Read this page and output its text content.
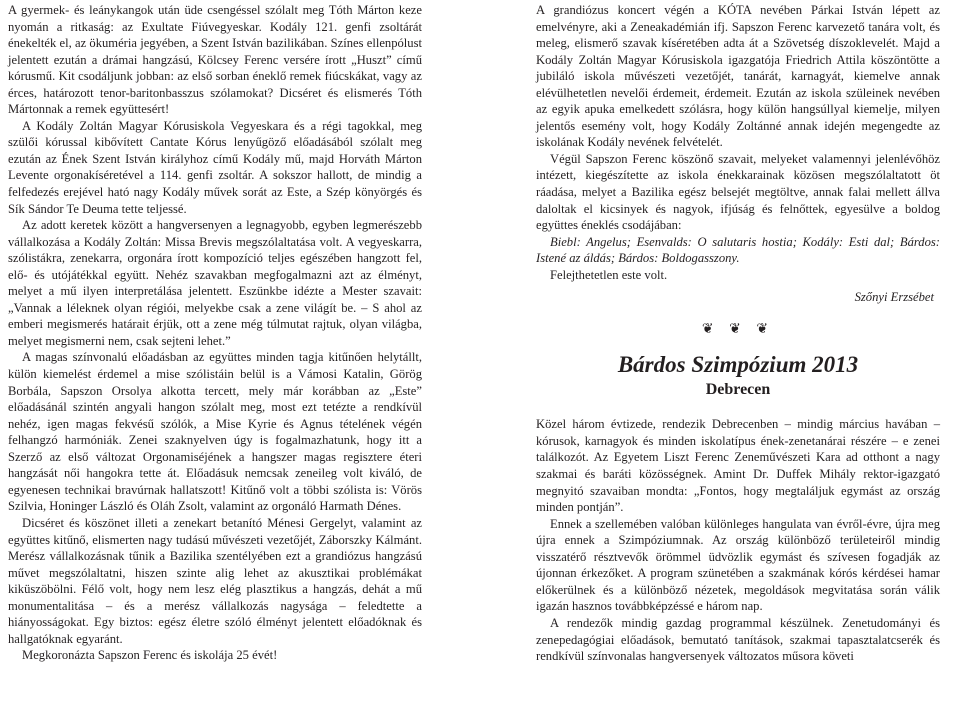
A gyermek- és leánykangok után üde csengéssel szólalt meg Tóth Márton keze nyomán a ritkaság: az Exultate Fiúvegyeskar. Kodály 121. genfi zsoltárát énekelték el, az ökuméria jegyében, a Szent István bazilikában. Színes ellenpólust jelentett ezután a drámai hangzású, Kölcsey Ferenc versére írott „Huszt” című kórusmű. Kit csodáljunk jobban: az első sorban éneklő remek fiúcskákat, vagy az érces, határozott tenor-baritonbasszus szólamokat? Dicséret és elismerés Tóth Mártonnak a remek együttesért!

A Kodály Zoltán Magyar Kórusiskola Vegyeskara és a régi tagokkal, meg szülői kórussal kibővített Cantate Kórus lenyűgöző előadásából szólalt meg ezután az Ének Szent István királyhoz című Kodály mű, majd Horváth Márton Levente orgonakíséretével a 114. genfi zsoltár. A sokszor hallott, de mindig a felfedezés erejével ható nagy Kodály művek sorát az Este, a Szép könyörgés és Sík Sándor Te Deuma tette teljessé.

Az adott keretek között a hangversenyen a legnagyobb, egyben legmerészebb vállalkozása a Kodály Zoltán: Missa Brevis megszólaltatása volt. A vegyeskarra, szólistákra, zenekarra, orgonára írott kompozíció teljes egészében hangzott fel, elő- és utójátékkal együtt. Nehéz szavakban megfogalmazni azt az élményt, melyet a mű ilyen interpretálása jelentett. Eszünkbe idézte a Mester szavait: „Vannak a léleknek olyan régiói, melyekbe csak a zene világít be. – S ahol az emberi megismerés határait érjük, ott a zene még túlmutat rajtuk, olyan világba, melyet megismerni nem, csak sejteni lehet.”

A magas színvonalú előadásban az együttes minden tagja kitűnően helytállt, külön kiemelést érdemel a mise szólistáin belül is a Vámosi Katalin, Görög Borbála, Sapszon Orsolya alkotta tercett, mely már korábban az „Este” előadásánál szintén angyali hangon szólalt meg, most ezt tetézte a rendkívül nehéz, igen magas fekvésű szólók, a Mise Kyrie és Agnus tételének végén felhangzó harmóniák. Zenei szaknyelven úgy is fogalmazhatunk, hogy itt a Szerző az első változat Orgonamiséjének a hangszer magas regisztere éteri hangzását női hangokra tette át. Előadásuk nemcsak zeneileg volt kiváló, de egyenesen technikai bravúrnak hallatszott! Kitűnő volt a többi szólista is: Vörös Szilvia, Honinger László és Oláh Zsolt, valamint az orgonáló Harmath Dénes.

Dicséret és köszönet illeti a zenekart betanító Ménesi Gergelyt, valamint az együttes kitűnő, elismerten nagy tudású művészeti vezetőjét, Záborszky Kálmánt. Merész vállalkozásnak tűnik a Bazilika szentélyében ezt a grandiózus hangzású művet megszólaltatni, hiszen szinte alig lehet az akusztikai problémákat kiküszöbölni. Félő volt, hogy nem lesz elég plasztikus a hangzás, dehát a mű monumentalitása – és a merész vállalkozás nagysága – feledtette a hiányosságokat. Egy biztos: egész életre szóló élményt jelentett előadóknak és hallgatóknak egyaránt.

Megkoronázta Sapszon Ferenc és iskolája 25 évét!

A grandiózus koncert végén a KÓTA nevében Párkai István lépett az emelvényre, aki a Zeneakadémián ifj. Sapszon Ferenc karvezető tanára volt, és meleg, elismerő szavak kíséretében adta át a Szövetség díszoklevelét. Majd a Kodály Zoltán Magyar Kórusiskola igazgatója Friedrich Attila köszöntötte a jubiláló iskola művészeti vezetőjét, tanárát, karnagyát, kiemelve annak elévülhetetlen nevelői érdemeit, érdemeit. Ezután az iskola szüleinek nevében az egyik apuka emelkedett szólásra, hogy külön hangsúllyal kiemelje, milyen jelentős esemény volt, hogy Kodály Zoltánné annak idején megengedte az iskolának Kodály nevének felvételét.

Végül Sapszon Ferenc köszönő szavait, melyeket valamennyi jelenlévőhöz intézett, kiegészítette az iskola énekkarainak közösen megszólaltatott öt ráadása, melyet a Bazilika egész belsejét megtöltve, annak falai mellett állva daloltak el kicsinyek és nagyok, ifjúság és felnőttek, egyesülve a boldog együttes éneklés csodájában:

Biebl: Angelus; Esenvalds: O salutaris hostia; Kodály: Esti dal; Bárdos: Istené az áldás; Bárdos: Boldogasszony.

Felejthetetlen este volt.

Szőnyi Erzsébet

❦ ❦ ❦
Bárdos Szimpózium 2013
Debrecen

Közel három évtizede, rendezik Debrecenben – mindig március havában – kórusok, karnagyok és minden iskolatípus ének-zenetanárai részére – e zenei találkozót. Az Egyetem Liszt Ferenc Zeneművészeti Kara ad otthont a nagy szakmai és baráti közösségnek. Amint Dr. Duffek Mihály rektor-igazgató megnyitó szavaiban mondta: „Fontos, hogy megtaláljuk egymást az ország minden pontján”.

Ennek a szellemében valóban különleges hangulata van évről-évre, újra meg újra ennek a Szimpóziumnak. Az ország különböző területeiről mindig visszatérő résztvevők örömmel üdvözlik egymást és szívesen fogadják az újonnan érkezőket. A program szünetében a szakmának kórós kérdései hamar előkerülnek és a különböző nézetek, megoldások megvitatása során válik igazán hasznos továbbképzéssé e három nap.

A rendezők mindig gazdag programmal készülnek. Zenetudományi és zenepedagógiai előadások, bemutató tanítások, szakmai tapasztalatcserék és rendkívül színvonalas hangversenyek változatos műsora követi
